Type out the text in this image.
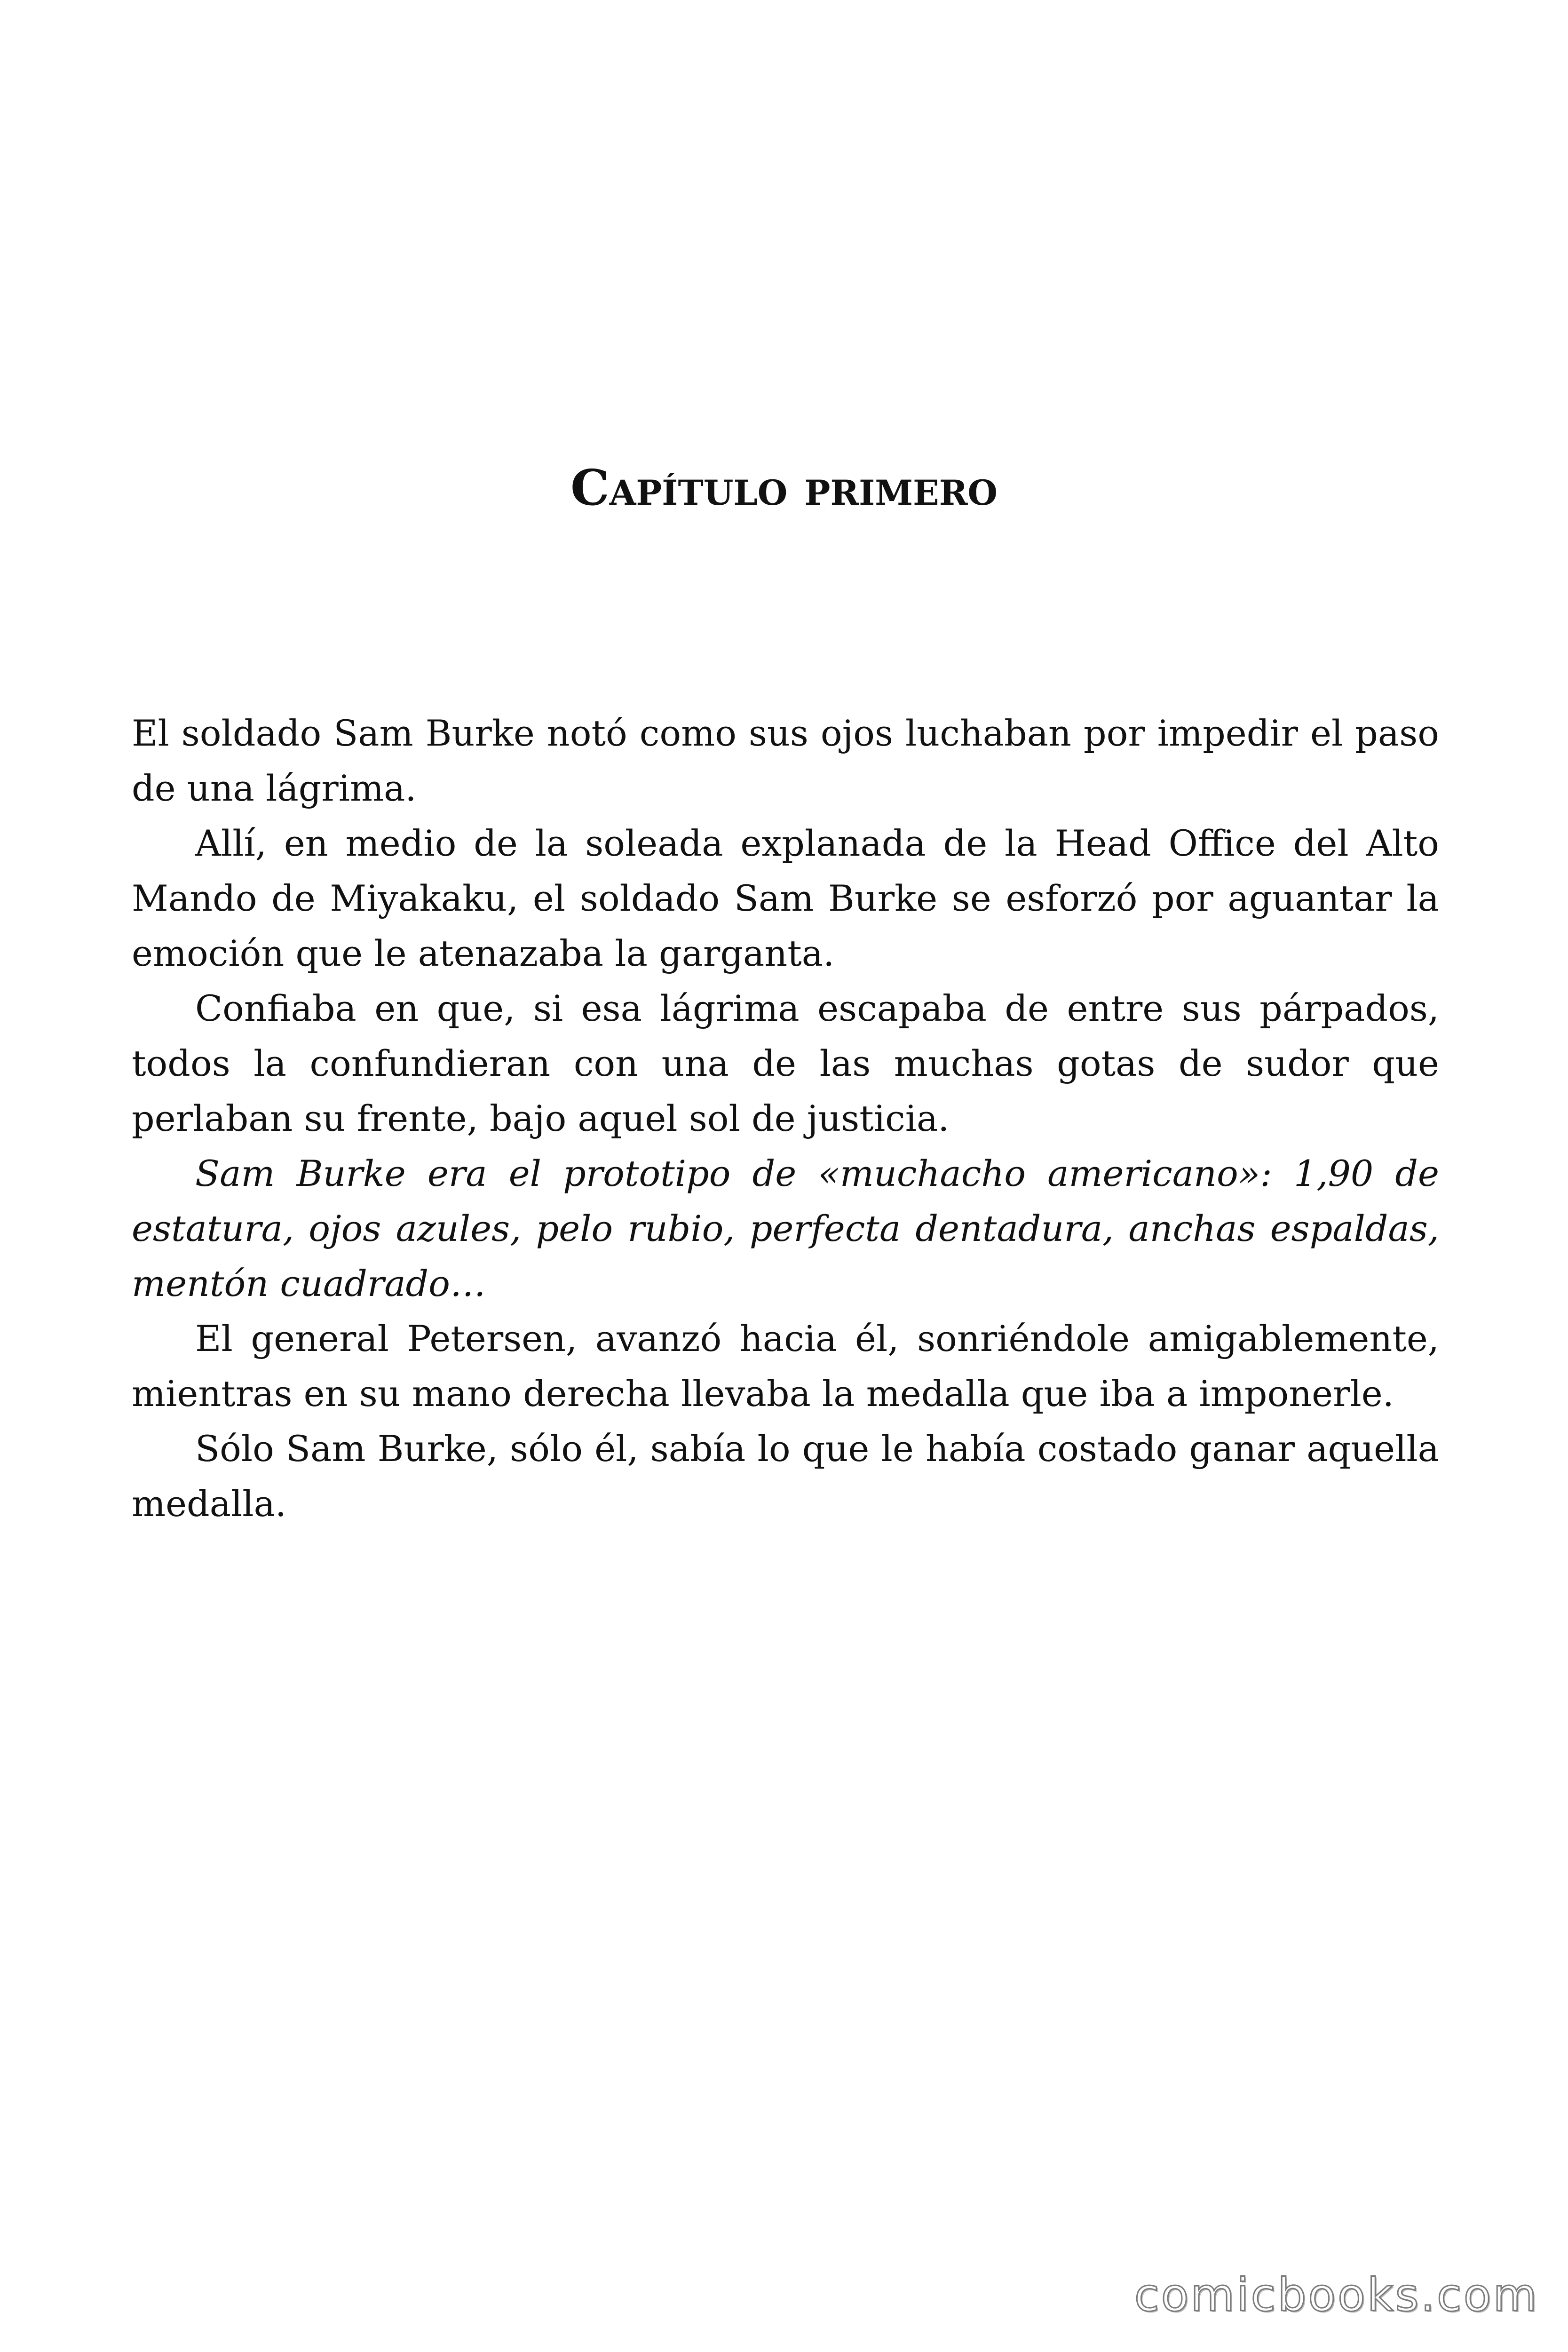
Capítulo primero

El soldado Sam Burke notó como sus ojos luchaban por impedir el paso de una lágrima.

Allí, en medio de la soleada explanada de la Head Office del Alto Mando de Miyakaku, el soldado Sam Burke se esforzó por aguantar la emoción que le atenazaba la garganta.

Confiaba en que, si esa lágrima escapaba de entre sus párpados, todos la confundieran con una de las muchas gotas de sudor que perlaban su frente, bajo aquel sol de justicia.

Sam Burke era el prototipo de «muchacho americano»: 1,90 de estatura, ojos azules, pelo rubio, perfecta dentadura, anchas espaldas, mentón cuadrado…

El general Petersen, avanzó hacia él, sonriéndole amigablemente, mientras en su mano derecha llevaba la medalla que iba a imponerle.

Sólo Sam Burke, sólo él, sabía lo que le había costado ganar aquella medalla.

comicbooks.com
